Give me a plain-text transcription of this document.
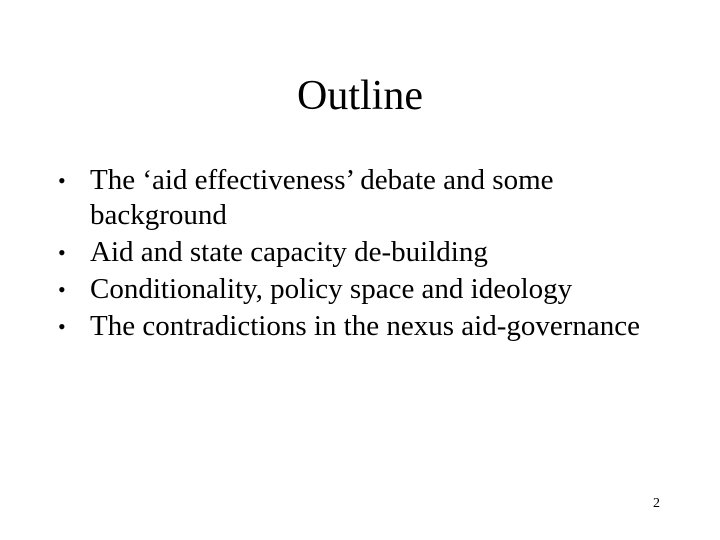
Outline
• The ‘aid effectiveness’ debate and some background
• Aid and state capacity de-building
• Conditionality, policy space and ideology
• The contradictions in the nexus aid-governance
2
